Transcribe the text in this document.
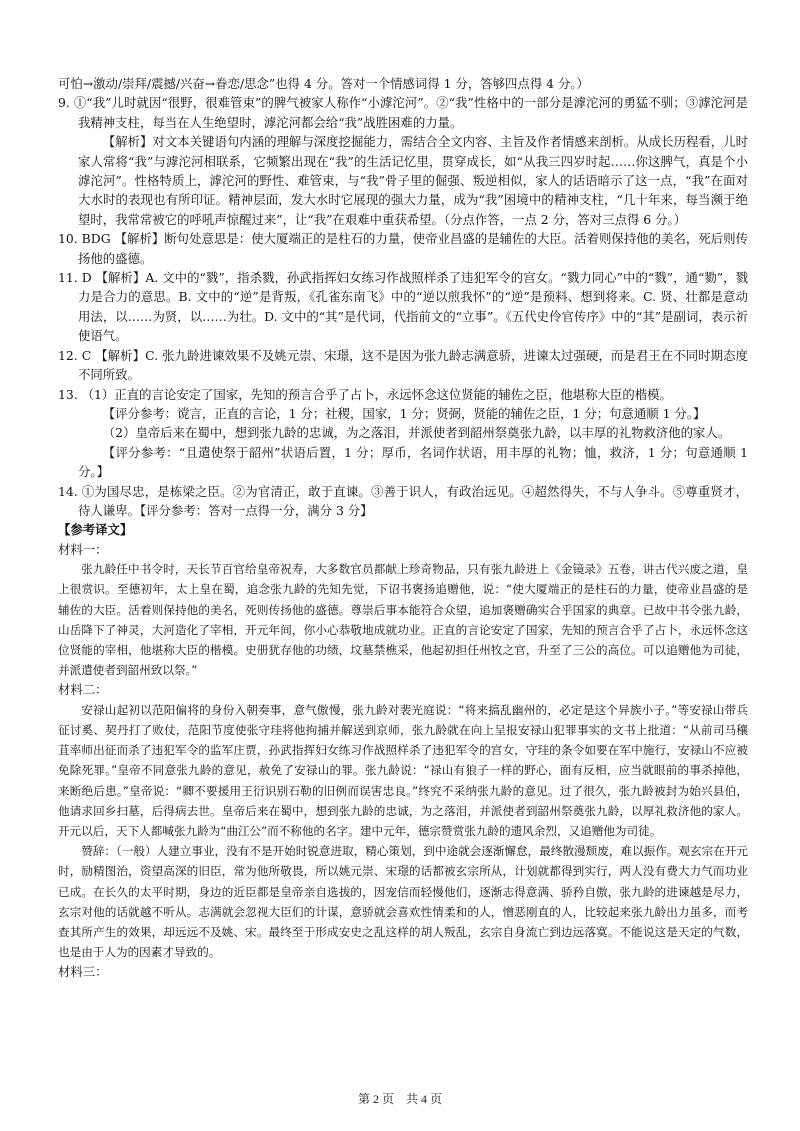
可怕→激动/崇拜/震撼/兴奋→眷恋/思念”也得 4 分。答对一个情感词得 1 分，答够四点得 4 分。）

9. ①“我”儿时就因“很野，很难管束”的脾气被家人称作“小滹沱河”。②“我”性格中的一部分是滹沱河的勇猛不驯；③滹沱河是我精神支柱，每当在人生绝望时，滹沱河都会给“我”战胜困难的力量。

【解析】对文本关键语句内涵的理解与深度挖掘能力，需结合全文内容、主旨及作者情感来剖析。从成长历程看，儿时家人常将“我”与滹沱河相联系，它频繁出现在“我”的生活记忆里，贯穿成长，如“从我三四岁时起……你这脾气，真是个小滹沱河”。性格特质上，滹沱河的野性、难管束，与“我”骨子里的倔强、叛逆相似，家人的话语暗示了这一点，“我”在面对大水时的表现也有所印证。精神层面，发大水时它展现的强大力量，成为“我”困境中的精神支柱，“几十年来，每当濒于绝望时，我常常被它的呼吼声惊醒过来”，让“我”在艰难中重获希望。（分点作答，一点 2 分，答对三点得 6 分。）

10. BDG 【解析】断句处意思是：使大厦端正的是柱石的力量，使帝业昌盛的是辅佐的大臣。活着则保持他的美名，死后则传扬他的盛德。

11. D 【解析】A. 文中的“戮”，指杀戮，孙武指挥妇女练习作战照样杀了违犯军令的宫女。“戮力同心”中的“戮”，通“勠”，戮力是合力的意思。B. 文中的“逆”是背叛，《孔雀东南飞》中的“逆以煎我怀”的“逆”是预料、想到将来。C. 贤、壮都是意动用法，以……为贤，以……为壮。D. 文中的“其”是代词，代指前文的“立事”。《五代史伶官传序》中的“其”是副词，表示祈使语气。

12. C 【解析】C. 张九龄进谏效果不及姚元崇、宋璟，这不是因为张九龄志满意骄，进谏太过强硬，而是君王在不同时期态度不同所致。

13. （1）正直的言论安定了国家，先知的预言合乎了占卜，永远怀念这位贤能的辅佐之臣，他堪称大臣的楷模。

【评分参考：谠言，正直的言论，1 分；社稷，国家，1 分；贤弼，贤能的辅佐之臣，1 分；句意通顺 1 分。】

（2）皇帝后来在蜀中，想到张九龄的忠诚，为之落泪，并派使者到韶州祭奠张九龄，以丰厚的礼物救济他的家人。

【评分参考：“且遣使祭于韶州”状语后置，1 分；厚币，名词作状语，用丰厚的礼物；恤，救济，1 分；句意通顺 1 分。】

14. ①为国尽忠，是栋梁之臣。②为官清正，敢于直谏。③善于识人，有政治远见。④超然得失，不与人争斗。⑤尊重贤才，待人谦卑。【评分参考：答对一点得一分，满分 3 分】

【参考译文】

材料一：

张九龄任中书令时，天长节百官给皇帝祝寿，大多数官员都献上珍奇物品，只有张九龄进上《金镜录》五卷，讲古代兴废之道，皇上很赏识。至德初年，太上皇在蜀，追念张九龄的先知先觉，下诏书褒扬追赠他，说：“使大厦端正的是柱石的力量，使帝业昌盛的是辅佐的大臣。活着则保持他的美名，死则传扬他的盛德。尊崇后事本能符合众望，追加褒赠确实合乎国家的典章。已故中书令张九龄，山岳降下了神灵，大河造化了宰相，开元年间，你小心恭敬地成就功业。正直的言论安定了国家，先知的预言合乎了占卜，永远怀念这位贤能的宰相，他堪称大臣的楷模。史册犹存他的功绩，坟墓禁樵采，他起初担任州牧之官，升至了三公的高位。可以追赠他为司徒，并派遣使者到韶州致以祭。”

材料二：

安禄山起初以范阳偏将的身份入朝奏事，意气傲慢，张九龄对裴光庭说：“将来搞乱幽州的，必定是这个异族小子。”等安禄山带兵征讨奚、契丹打了败仗，范阳节度使张守珪将他拘捕并解送到京师，张九龄就在向上呈报安禄山犯罪事实的文书上批道：“从前司马穰苴率师出征而杀了违犯军令的监军庄贾，孙武指挥妇女练习作战照样杀了违犯军令的宫女，守珪的条令如要在军中施行，安禄山不应被免除死罪。”皇帝不同意张九龄的意见，赦免了安禄山的罪。张九龄说：“禄山有狼子一样的野心，面有反相，应当就眼前的事杀掉他，来断绝后患。”皇帝说：“卿不要援用王衍识别石勒的旧例而误害忠良。”终究不采纳张九龄的意见。过了很久，张九龄被封为始兴县伯，他请求回乡扫墓，后得病去世。皇帝后来在蜀中，想到张九龄的忠诚，为之落泪，并派使者到韶州祭奠张九龄，以厚礼救济他的家人。开元以后，天下人都喊张九龄为“曲江公”而不称他的名字。建中元年，德宗赞赏张九龄的遗风余烈，又追赠他为司徒。

赞辞：（一般）人建立事业，没有不是开始时锐意进取，精心策划，到中途就会逐渐懈怠，最终散漫颓废，难以振作。观玄宗在开元时，励精图治，资望高深的旧臣，常为他所敬畏，所以姚元崇、宋璟的话都被玄宗所从，计划就都得到实行，两人没有费大力气而功业已成。在长久的太平时期，身边的近臣都是皇帝亲自选拔的，因宠信而轻慢他们，逐渐志得意满、骄矜自傲，张九龄的进谏越是尽力，玄宗对他的话就越不听从。志满就会忽视大臣们的计谋，意骄就会喜欢性情柔和的人，憎恶刚直的人，比较起来张九龄出力虽多，而考查其所产生的效果，却远远不及姚、宋。最终至于形成安史之乱这样的胡人叛乱，玄宗自身流亡到边远落寞。不能说这是天定的气数，也是由于人为的因素才导致的。

材料三：

第 2 页　共 4 页
